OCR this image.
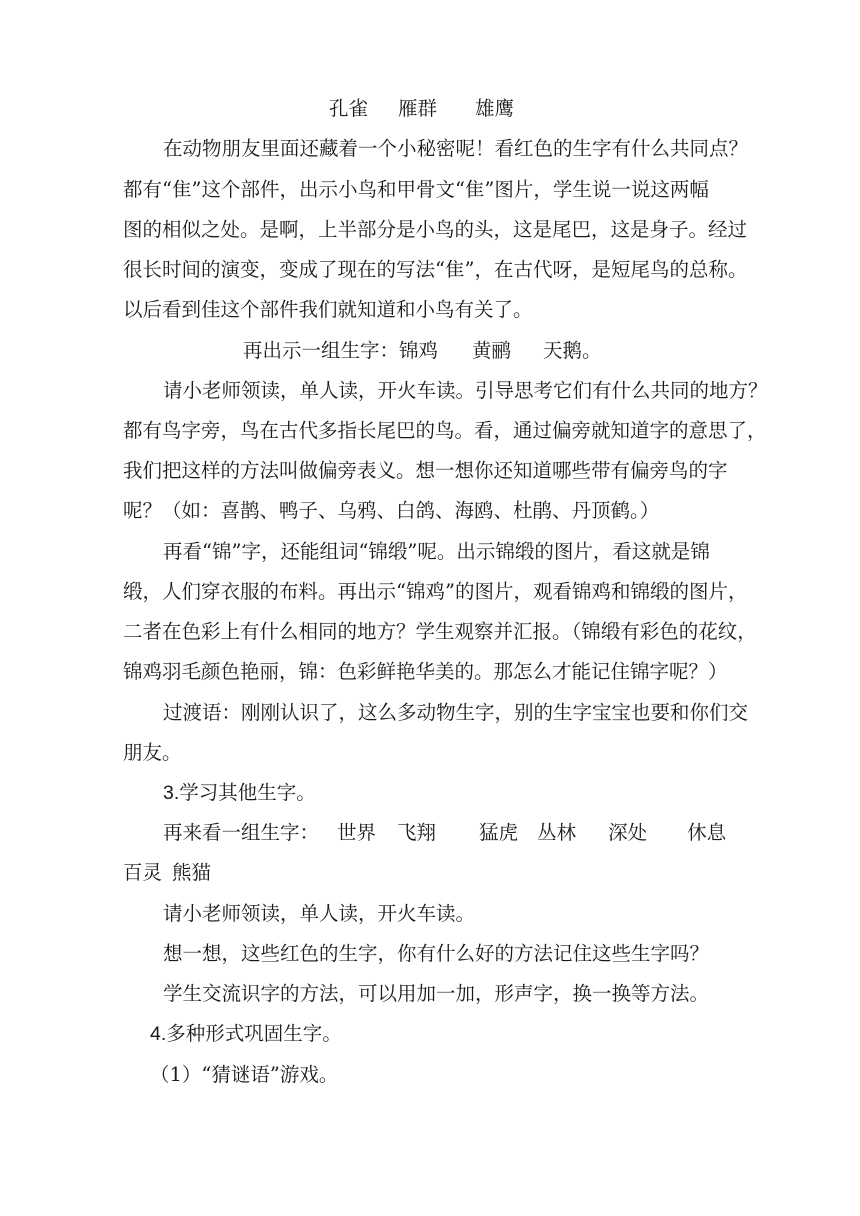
孔雀 雁群 雄鹰
在动物朋友里面还藏着一个小秘密呢！看红色的生字有什么共同点？
都有“隹”这个部件，出示小鸟和甲骨文“隹”图片，学生说一说这两幅
图的相似之处。是啊，上半部分是小鸟的头，这是尾巴，这是身子。经过
很长时间的演变，变成了现在的写法“隹”，在古代呀，是短尾鸟的总称。
以后看到佳这个部件我们就知道和小鸟有关了。
再出示一组生字：锦鸡 黄鹂 天鹅。
请小老师领读，单人读，开火车读。引导思考它们有什么共同的地方？
都有鸟字旁，鸟在古代多指长尾巴的鸟。看，通过偏旁就知道字的意思了，
我们把这样的方法叫做偏旁表义。想一想你还知道哪些带有偏旁鸟的字
呢？（如：喜鹊、鸭子、乌鸦、白鸽、海鸥、杜鹃、丹顶鹤。）
再看“锦”字，还能组词“锦缎”呢。出示锦缎的图片，看这就是锦
缎，人们穿衣服的布料。再出示“锦鸡”的图片，观看锦鸡和锦缎的图片，
二者在色彩上有什么相同的地方？学生观察并汇报。（锦缎有彩色的花纹，
锦鸡羽毛颜色艳丽，锦：色彩鲜艳华美的。那怎么才能记住锦字呢？）
过渡语：刚刚认识了，这么多动物生字，别的生字宝宝也要和你们交
朋友。
3.学习其他生字。
再来看一组生字： 世界 飞翔 猛虎 丛林 深处 休息
百灵 熊猫
请小老师领读，单人读，开火车读。
想一想，这些红色的生字，你有什么好的方法记住这些生字吗？
学生交流识字的方法，可以用加一加，形声字，换一换等方法。
4.多种形式巩固生字。
（1）“猜谜语”游戏。
